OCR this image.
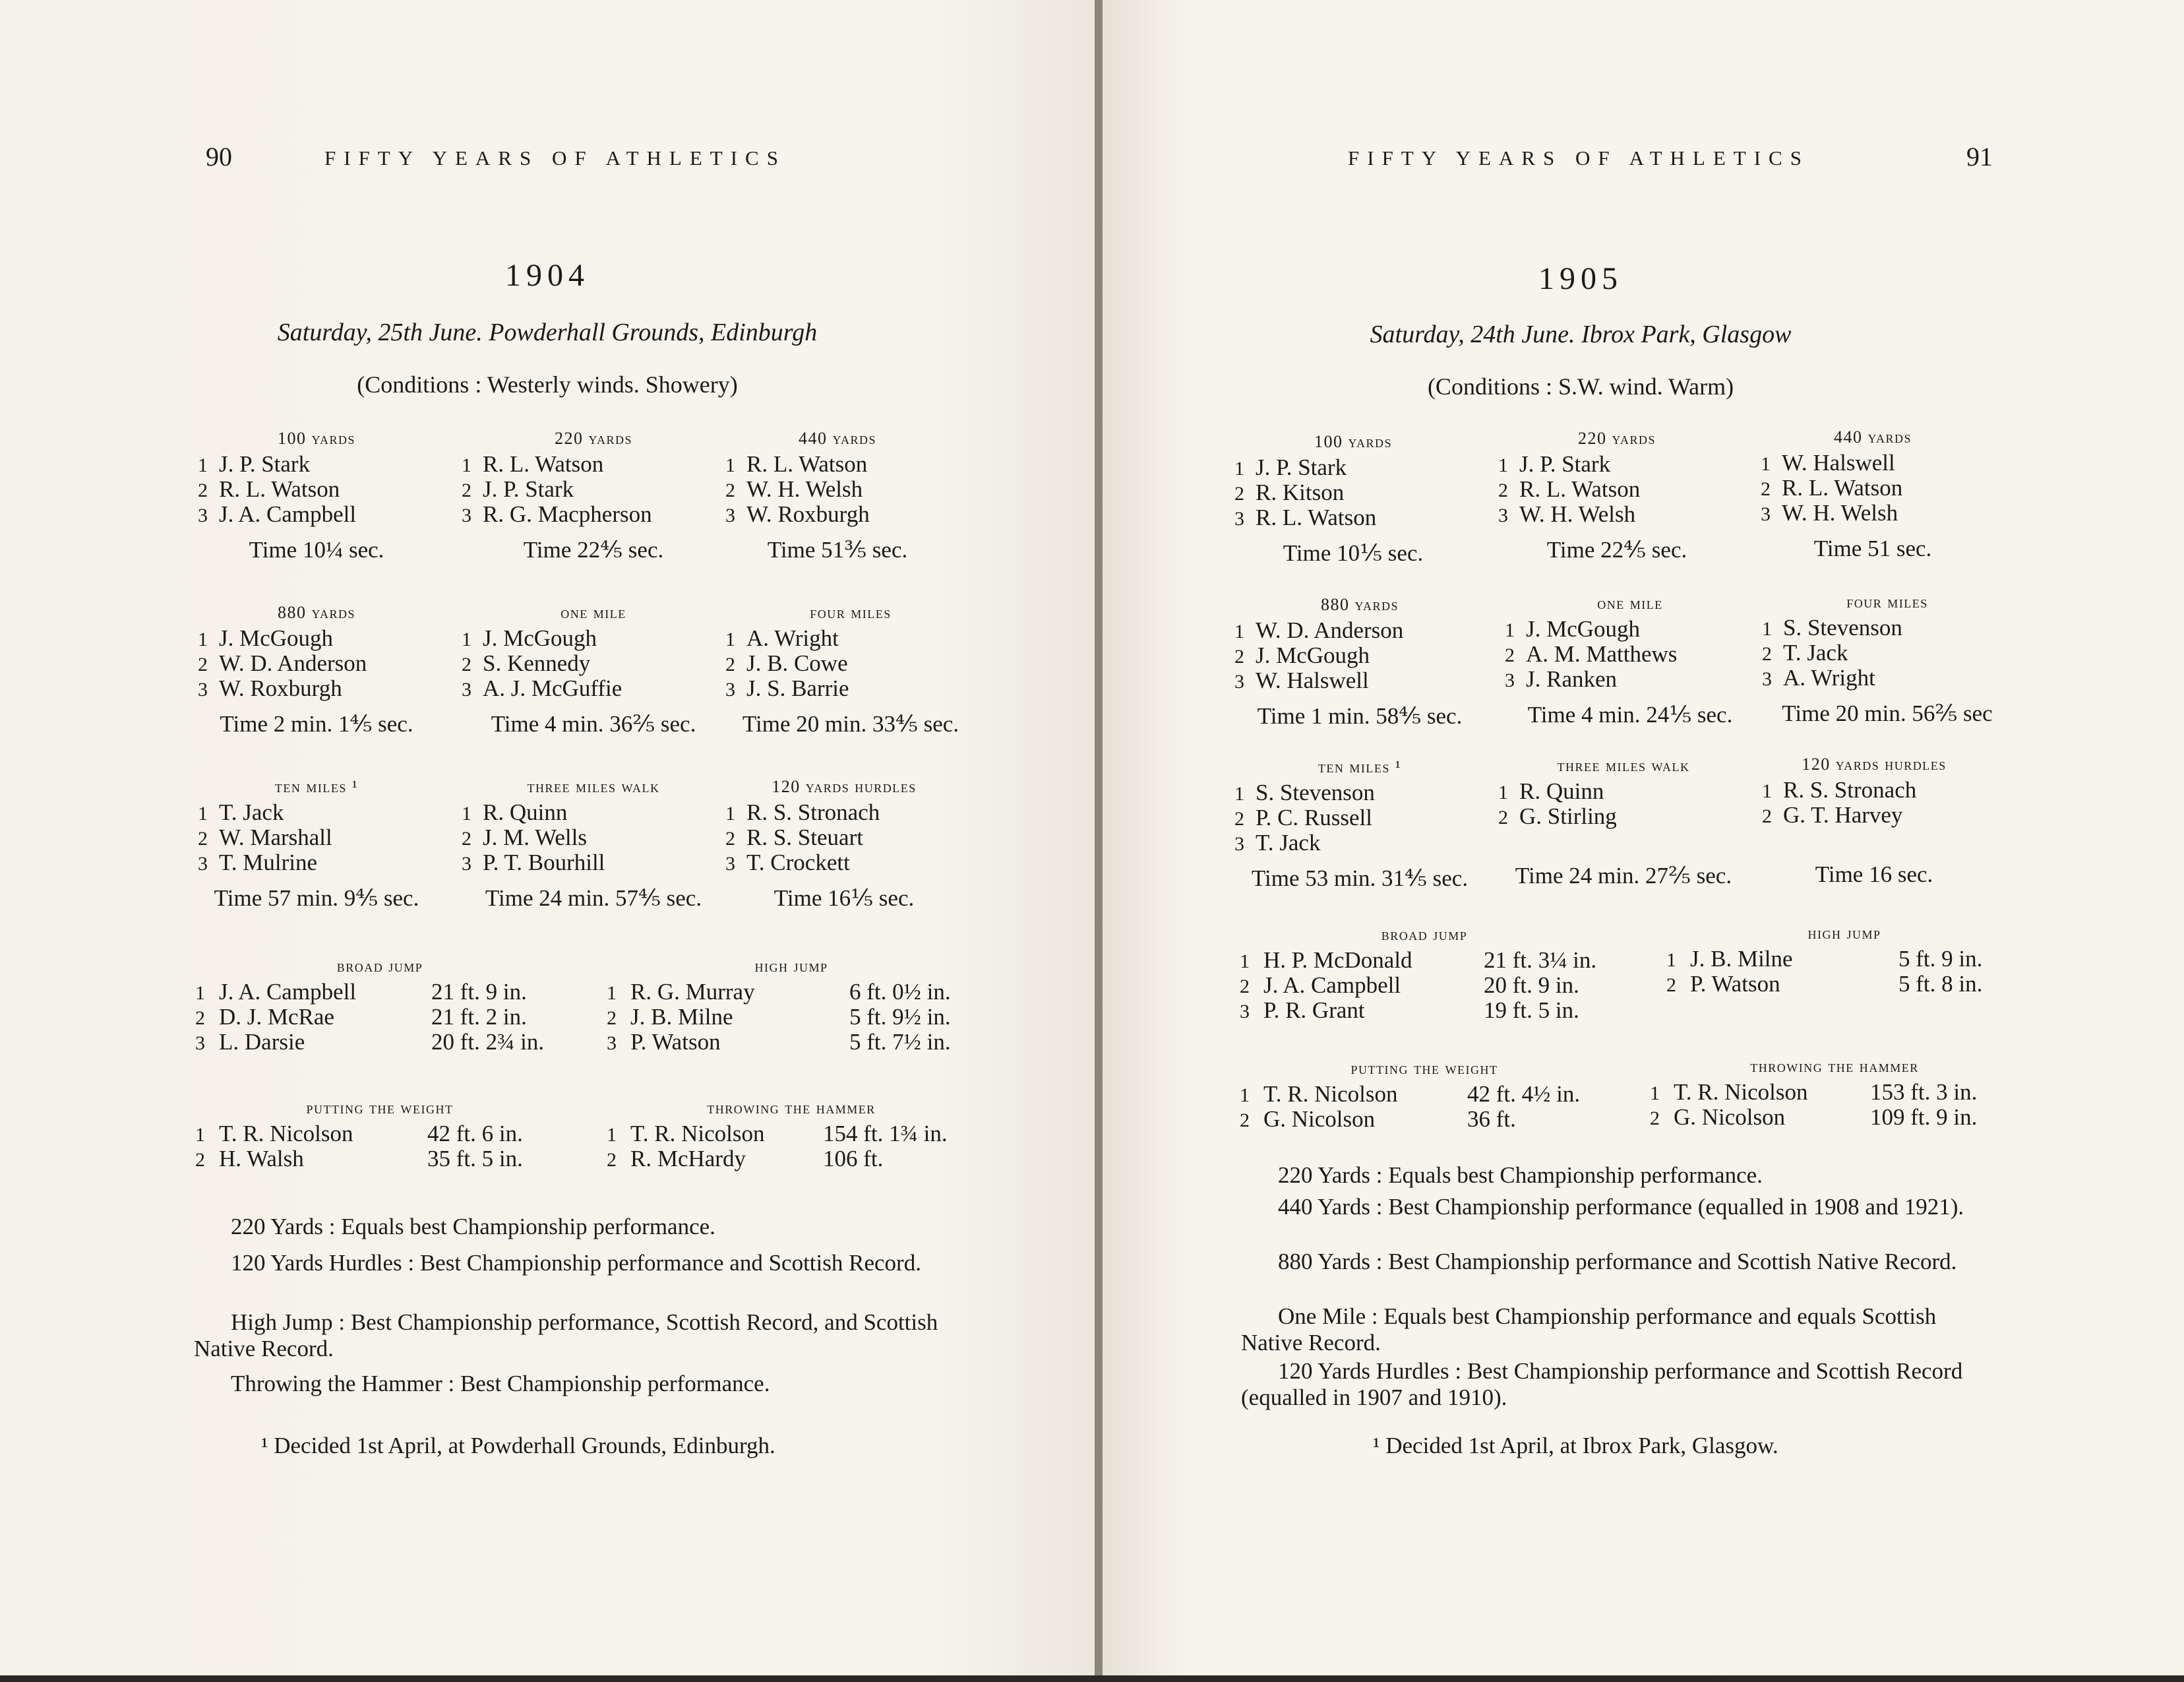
90	FIFTY YEARS OF ATHLETICS
1904
Saturday, 25th June. Powderhall Grounds, Edinburgh
(Conditions : Westerly winds. Showery)
100 yards
1 J. P. Stark
2 R. L. Watson
3 J. A. Campbell
Time 10¼ sec.
220 yards
1 R. L. Watson
2 J. P. Stark
3 R. G. Macpherson
Time 22⅘ sec.
440 yards
1 R. L. Watson
2 W. H. Welsh
3 W. Roxburgh
Time 51⅗ sec.
880 yards
1 J. McGough
2 W. D. Anderson
3 W. Roxburgh
Time 2 min. 1⅘ sec.
one mile
1 J. McGough
2 S. Kennedy
3 A. J. McGuffie
Time 4 min. 36⅖ sec.
four miles
1 A. Wright
2 J. B. Cowe
3 J. S. Barrie
Time 20 min. 33⅘ sec.
ten miles ¹
1 T. Jack
2 W. Marshall
3 T. Mulrine
Time 57 min. 9⅘ sec.
three miles walk
1 R. Quinn
2 J. M. Wells
3 P. T. Bourhill
Time 24 min. 57⅘ sec.
120 yards hurdles
1 R. S. Stronach
2 R. S. Steuart
3 T. Crockett
Time 16⅕ sec.
broad jump
1 J. A. Campbell	21 ft. 9 in.
2 D. J. McRae	21 ft. 2 in.
3 L. Darsie	20 ft. 2¾ in.
high jump
1 R. G. Murray	6 ft. 0½ in.
2 J. B. Milne	5 ft. 9½ in.
3 P. Watson	5 ft. 7½ in.
putting the weight
1 T. R. Nicolson	42 ft. 6 in.
2 H. Walsh	35 ft. 5 in.
throwing the hammer
1 T. R. Nicolson	154 ft. 1¾ in.
2 R. McHardy	106 ft.
220 Yards : Equals best Championship performance.
120 Yards Hurdles : Best Championship performance and Scottish Record.
High Jump : Best Championship performance, Scottish Record, and Scottish Native Record.
Throwing the Hammer : Best Championship performance.
¹ Decided 1st April, at Powderhall Grounds, Edinburgh.
FIFTY YEARS OF ATHLETICS	91
1905
Saturday, 24th June. Ibrox Park, Glasgow
(Conditions : S.W. wind. Warm)
100 yards
1 J. P. Stark
2 R. Kitson
3 R. L. Watson
Time 10⅕ sec.
220 yards
1 J. P. Stark
2 R. L. Watson
3 W. H. Welsh
Time 22⅘ sec.
440 yards
1 W. Halswell
2 R. L. Watson
3 W. H. Welsh
Time 51 sec.
880 yards
1 W. D. Anderson
2 J. McGough
3 W. Halswell
Time 1 min. 58⅘ sec.
one mile
1 J. McGough
2 A. M. Matthews
3 J. Ranken
Time 4 min. 24⅕ sec.
four miles
1 S. Stevenson
2 T. Jack
3 A. Wright
Time 20 min. 56⅖ sec
ten miles ¹
1 S. Stevenson
2 P. C. Russell
3 T. Jack
Time 53 min. 31⅘ sec.
three miles walk
1 R. Quinn
2 G. Stirling
Time 24 min. 27⅖ sec.
120 yards hurdles
1 R. S. Stronach
2 G. T. Harvey
Time 16 sec.
broad jump
1 H. P. McDonald	21 ft. 3¼ in.
2 J. A. Campbell	20 ft. 9 in.
3 P. R. Grant	19 ft. 5 in.
high jump
1 J. B. Milne	5 ft. 9 in.
2 P. Watson	5 ft. 8 in.
putting the weight
1 T. R. Nicolson	42 ft. 4½ in.
2 G. Nicolson	36 ft.
throwing the hammer
1 T. R. Nicolson	153 ft. 3 in.
2 G. Nicolson	109 ft. 9 in.
220 Yards : Equals best Championship performance.
440 Yards : Best Championship performance (equalled in 1908 and 1921).
880 Yards : Best Championship performance and Scottish Native Record.
One Mile : Equals best Championship performance and equals Scottish Native Record.
120 Yards Hurdles : Best Championship performance and Scottish Record (equalled in 1907 and 1910).
¹ Decided 1st April, at Ibrox Park, Glasgow.
